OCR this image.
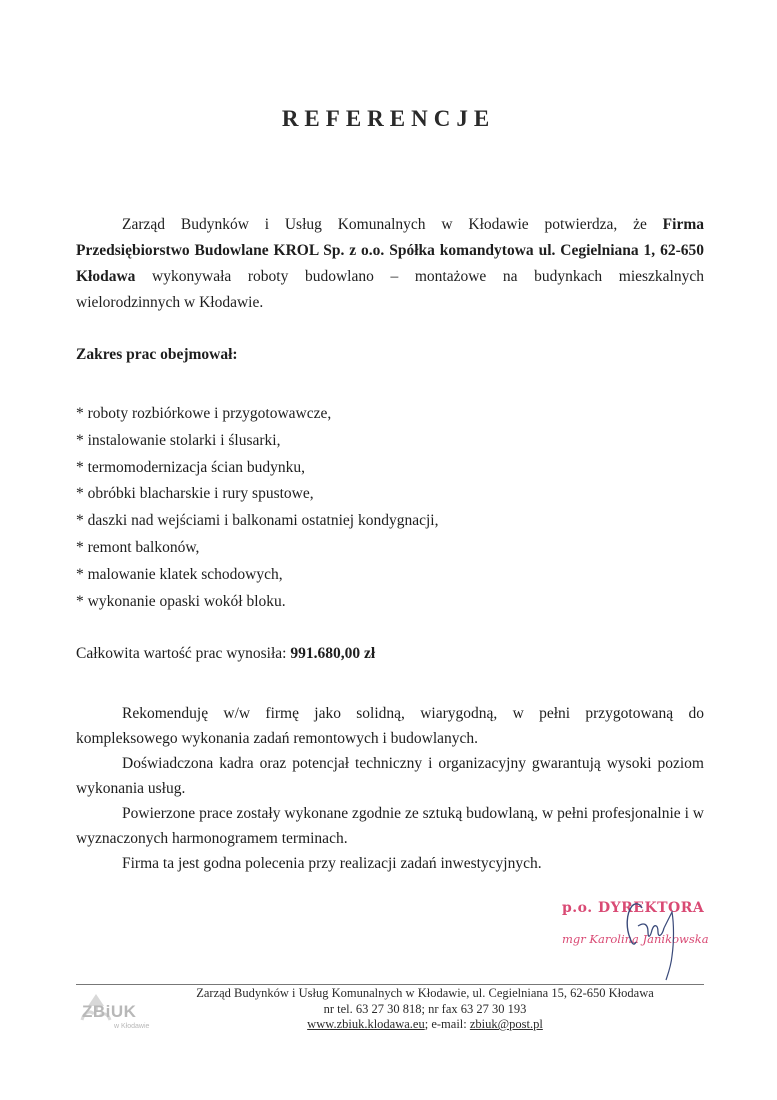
REFERENCJE

Zarząd Budynków i Usług Komunalnych w Kłodawie potwierdza, że Firma Przedsiębiorstwo Budowlane KROL Sp. z o.o. Spółka komandytowa ul. Cegielniana 1, 62-650 Kłodawa wykonywała roboty budowlano – montażowe na budynkach mieszkalnych wielorodzinnych w Kłodawie.

Zakres prac obejmował:

* roboty rozbiórkowe i przygotowawcze,
* instalowanie stolarki i ślusarki,
* termomodernizacja ścian budynku,
* obróbki blacharskie i rury spustowe,
* daszki nad wejściami i balkonami ostatniej kondygnacji,
* remont balkonów,
* malowanie klatek schodowych,
* wykonanie opaski wokół bloku.

Całkowita wartość prac wynosiła: 991.680,00 zł

Rekomenduję w/w firmę jako solidną, wiarygodną, w pełni przygotowaną do kompleksowego wykonania zadań remontowych i budowlanych.

Doświadczona kadra oraz potencjał techniczny i organizacyjny gwarantują wysoki poziom wykonania usług.

Powierzone prace zostały wykonane zgodnie ze sztuką budowlaną, w pełni profesjonalnie i w wyznaczonych harmonogramem terminach.

Firma ta jest godna polecenia przy realizacji zadań inwestycyjnych.

p.o. DYREKTORA
mgr Karolina Janikowska
ZBiUK
w Kłodawie
Zarząd Budynków i Usług Komunalnych w Kłodawie, ul. Cegielniana 15, 62-650 Kłodawa
nr tel. 63 27 30 818; nr fax 63 27 30 193
www.zbiuk.klodawa.eu; e-mail: zbiuk@post.pl
